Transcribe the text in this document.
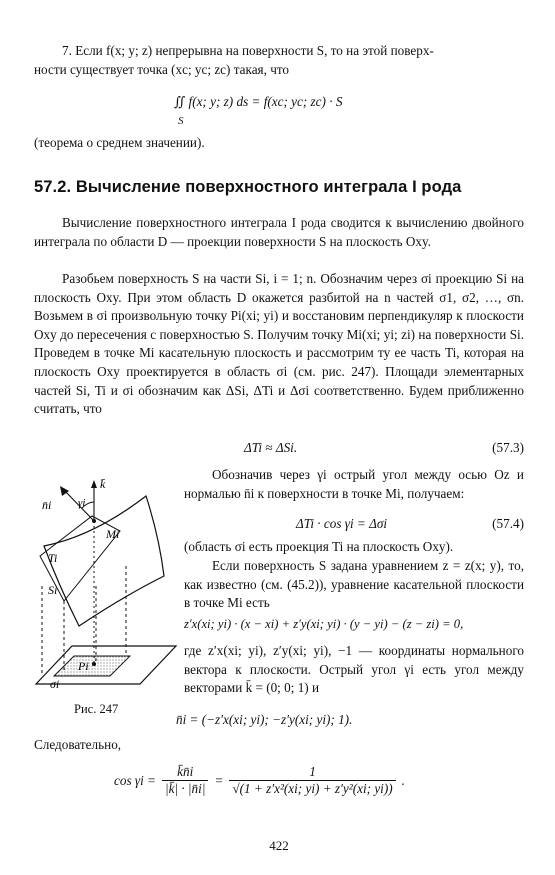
7. Если f(x; y; z) непрерывна на поверхности S, то на этой поверх-

ности существует точка (xc; yc; zc) такая, что

∬ f(x; y; z) ds = f(xc; yc; zc) · S
S

(теорема о среднем значении).

57.2. Вычисление поверхностного интеграла I рода

Вычисление поверхностного интеграла I рода сводится к вычислению двойного интеграла по области D — проекции поверхности S на плоскость Oxy.

Разобьем поверхность S на части Si, i = 1; n. Обозначим через σi проекцию Si на плоскость Oxy. При этом область D окажется разбитой на n частей σ1, σ2, …, σn. Возьмем в σi произвольную точку Pi(xi; yi) и восстановим перпендикуляр к плоскости Oxy до пересечения с поверхностью S. Получим точку Mi(xi; yi; zi) на поверхности Si. Проведем в точке Mi касательную плоскость и рассмотрим ту ее часть Ti, которая на плоскость Oxy проектируется в область σi (см. рис. 247). Площади элементарных частей Si, Ti и σi обозначим как ΔSi, ΔTi и Δσi соответственно. Будем приближенно считать, что

ΔTi ≈ ΔSi.	(57.3)
k̄
n̄i γi
Mi
Ti
Si
Pi
σi
Рис. 247

Обозначив через γi острый угол между осью Oz и нормалью n̄i к поверхности в точке Mi, получаем:

ΔTi · cos γi = Δσi	(57.4)

(область σi есть проекция Ti на плоскость Oxy).

Если поверхность S задана уравнением z = z(x; y), то, как известно (см. (45.2)), уравнение касательной плоскости в точке Mi есть

z′x(xi; yi) · (x − xi) + z′y(xi; yi) · (y − yi) − (z − zi) = 0,

где z′x(xi; yi), z′y(xi; yi), −1 — координаты нормального вектора к плоскости. Острый угол γi есть угол между векторами k̄ = (0; 0; 1) и

n̄i = (−z′x(xi; yi); −z′y(xi; yi); 1).

Следовательно,

$\cos \gamma i = \frac{k̄n̄i}{|k̄| \cdot |n̄i|} = \frac{1}{\text{√(1 + z′x²(xi; yi) + z′y²(xi; yi))}}$ .
422
